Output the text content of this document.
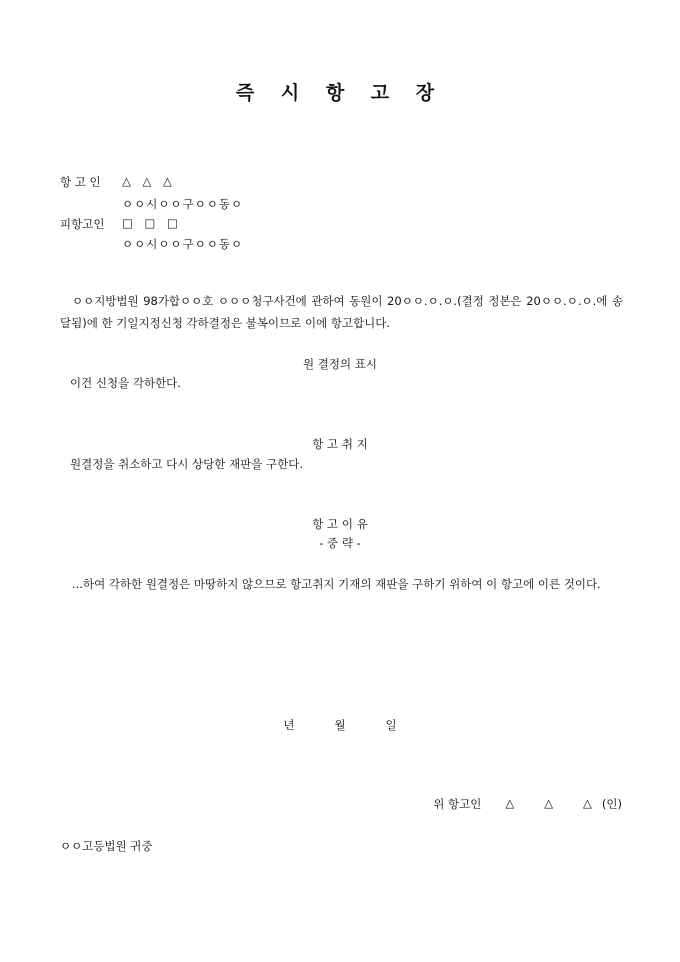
즉 시 항 고 장
항 고 인 △ △ △
ㅇㅇ시ㅇㅇ구ㅇㅇ동ㅇ
피항고인 □ □ □
ㅇㅇ시ㅇㅇ구ㅇㅇ동ㅇ
ㅇㅇ지방법원 98가합ㅇㅇ호 ㅇㅇㅇ청구사건에 관하여 동원이 20ㅇㅇ.ㅇ.ㅇ.(결정 정본은 20ㅇㅇ.ㅇ.ㅇ.에 송달됨)에 한 기일지정신청 각하결정은 불복이므로 이에 항고합니다.
원 결정의 표시
이건 신청을 각하한다.
항 고 취 지
원결정을 취소하고 다시 상당한 재판을 구한다.
항 고 이 유
- 중 략 -
...하여 각하한 원결정은 마땅하지 않으므로 항고취지 기재의 재판을 구하기 위하여 이 항고에 이른 것이다.
년	월	일
위 항고인 △	△	△ (인)
ㅇㅇ고등법원 귀중
